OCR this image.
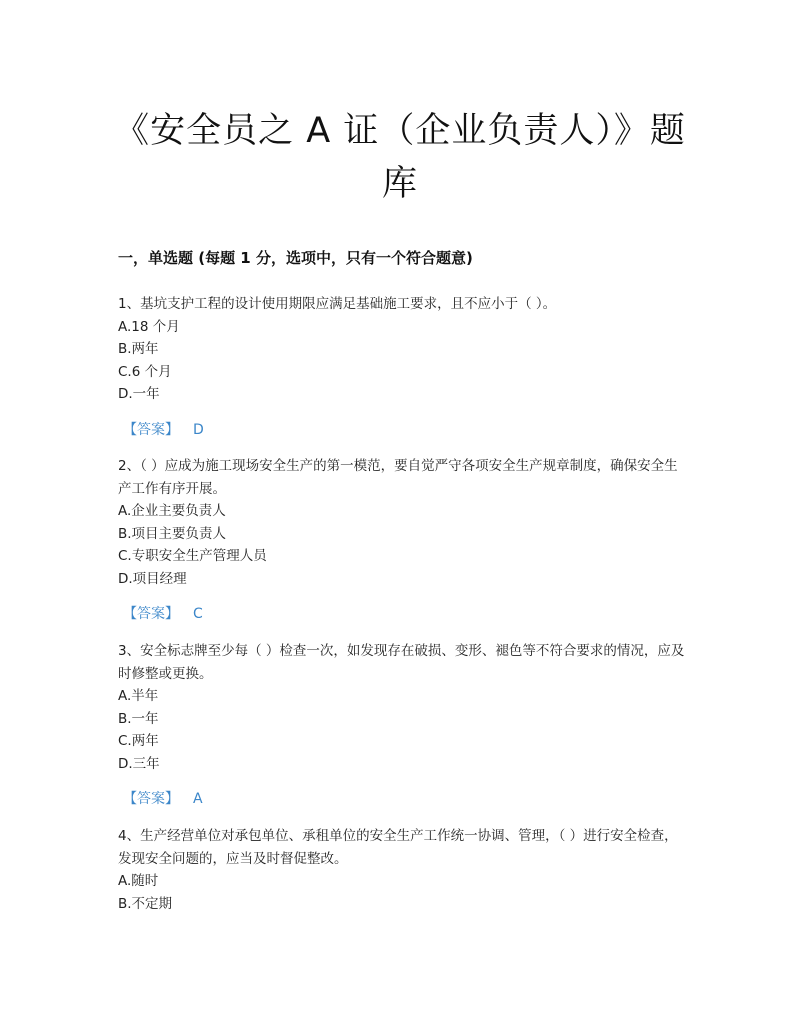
《安全员之 A 证（企业负责人）》题库
一，单选题 (每题 1 分，选项中，只有一个符合题意)

1、基坑支护工程的设计使用期限应满足基础施工要求，且不应小于（ ）。

A.18 个月

B.两年

C.6 个月

D.一年

【答案】 D

2、（ ）应成为施工现场安全生产的第一模范，要自觉严守各项安全生产规章制度，确保安全生产工作有序开展。

A.企业主要负责人

B.项目主要负责人

C.专职安全生产管理人员

D.项目经理

【答案】 C

3、安全标志牌至少每（ ）检查一次，如发现存在破损、变形、褪色等不符合要求的情况，应及时修整或更换。

A.半年

B.一年

C.两年

D.三年

【答案】 A

4、生产经营单位对承包单位、承租单位的安全生产工作统一协调、管理，（ ）进行安全检查，发现安全问题的，应当及时督促整改。

A.随时

B.不定期
